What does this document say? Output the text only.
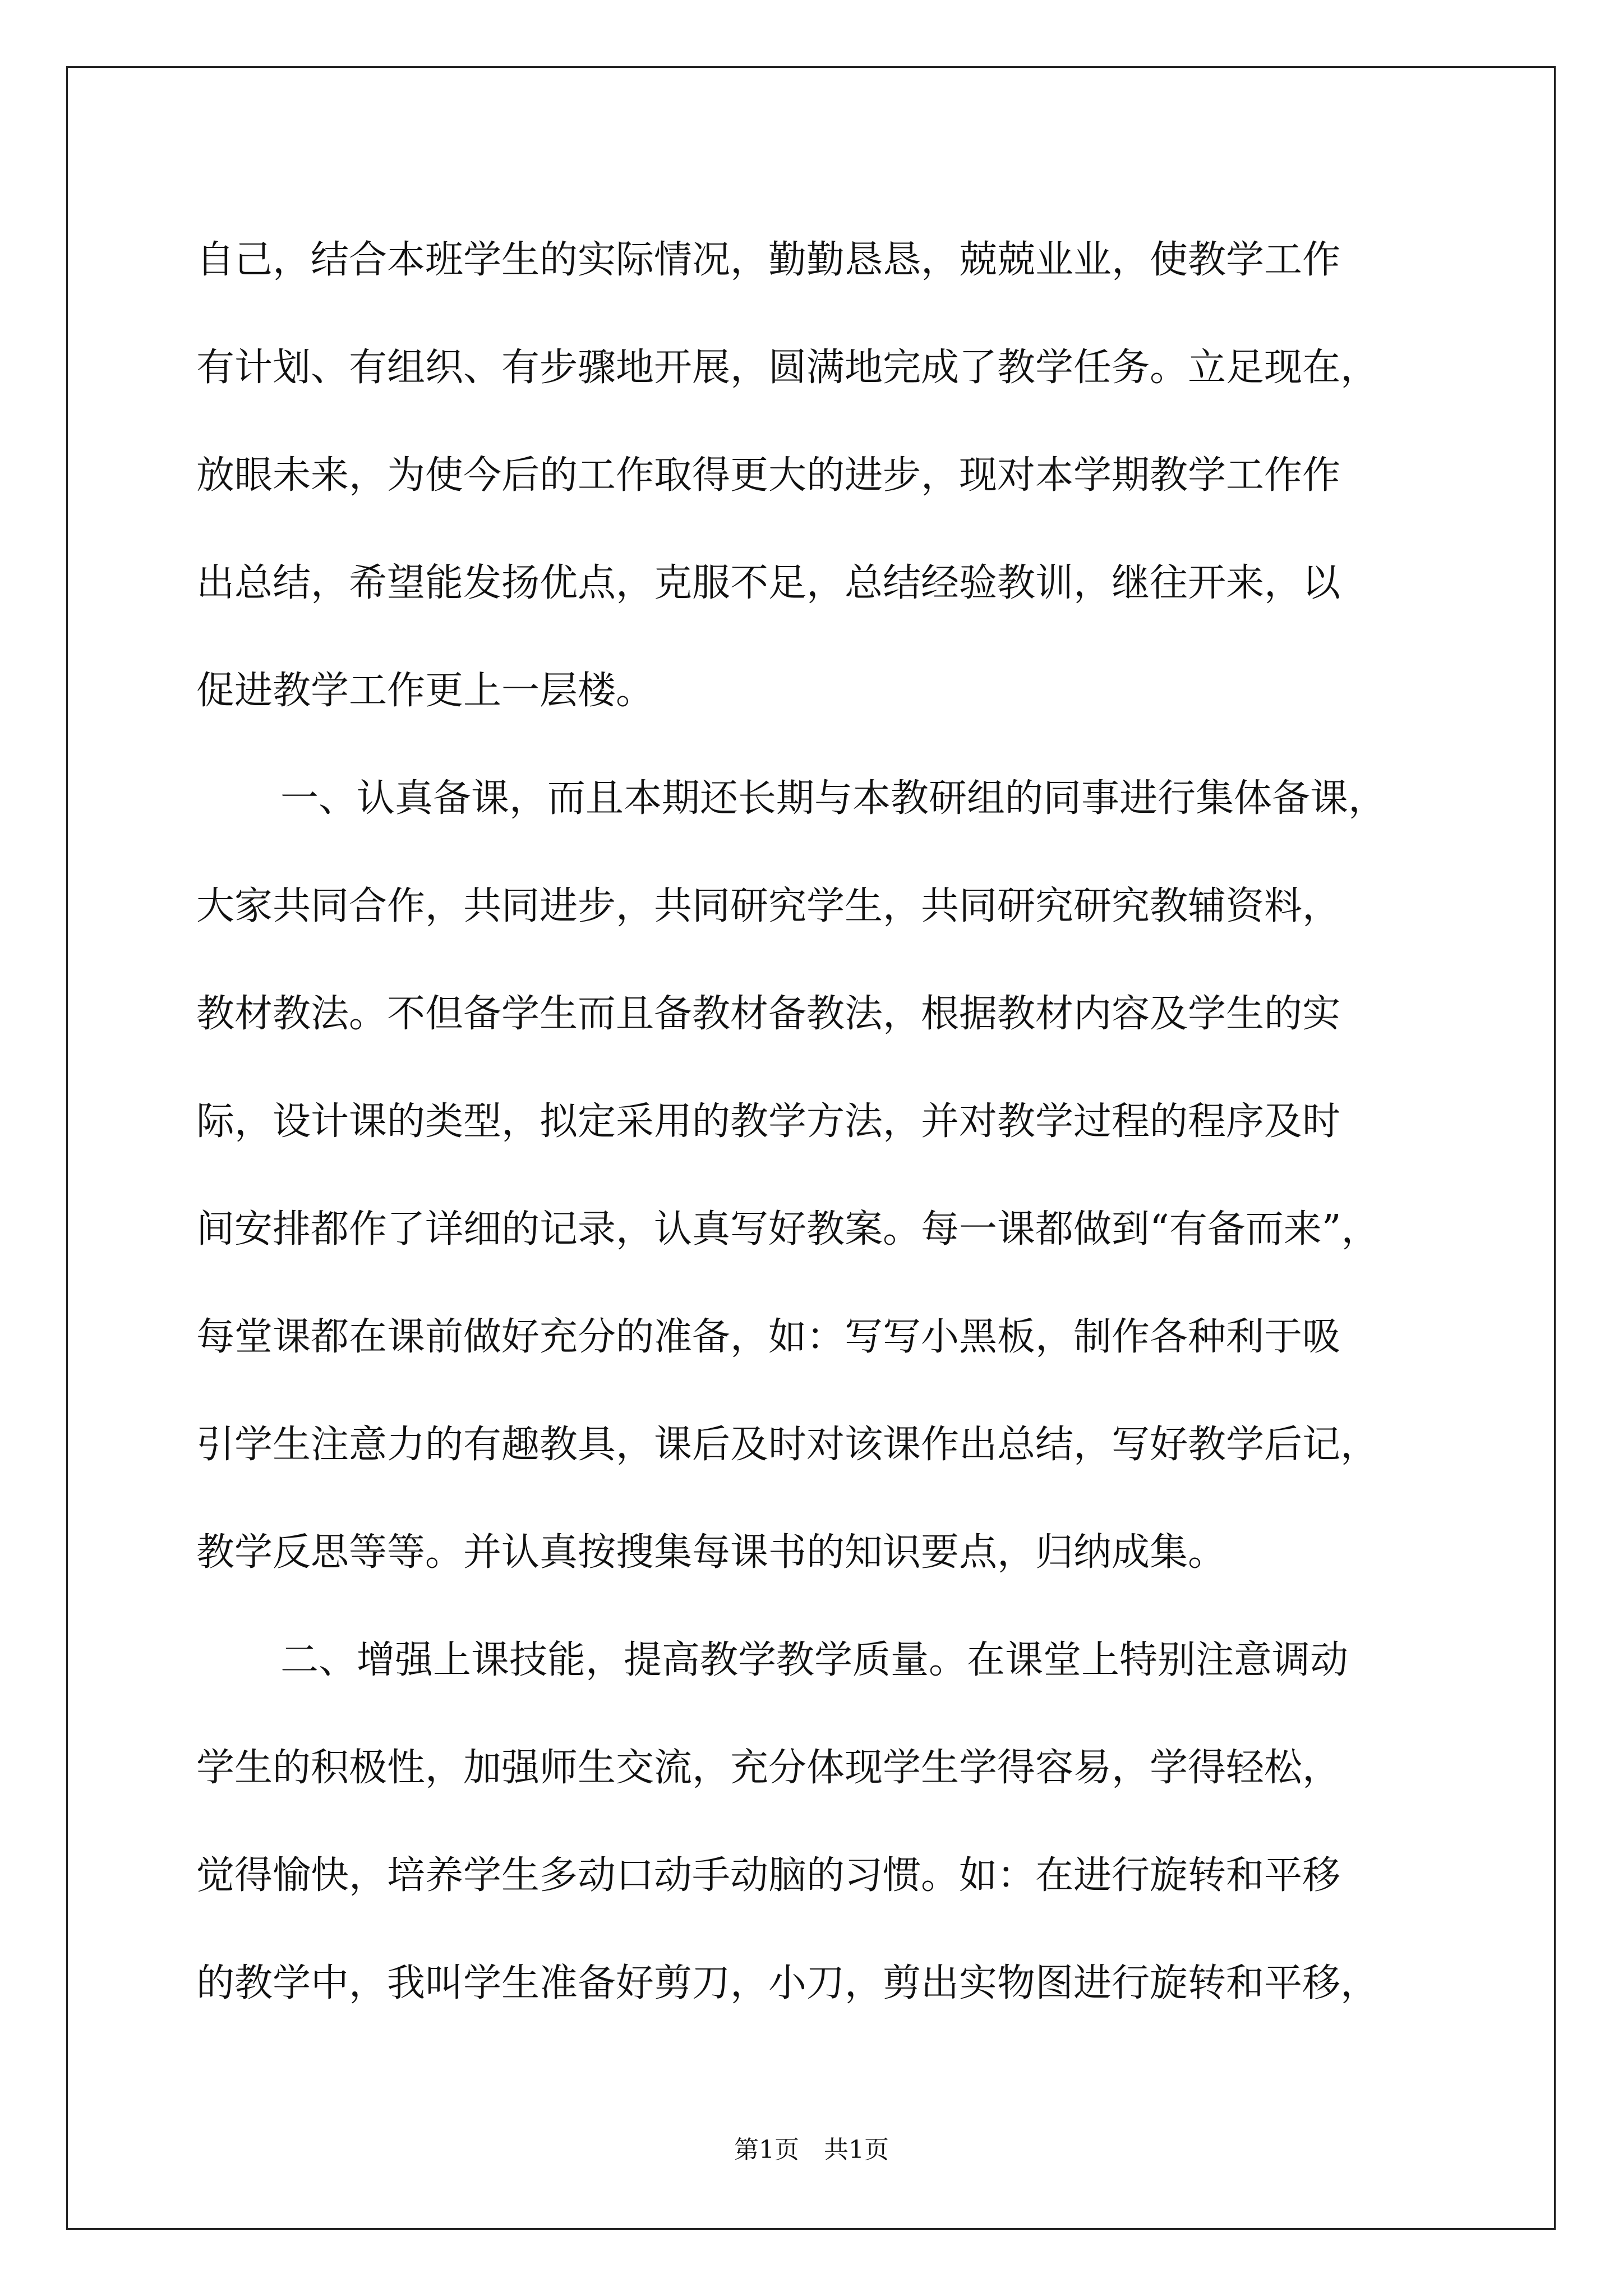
自己，结合本班学生的实际情况，勤勤恳恳，兢兢业业，使教学工作
有计划、有组织、有步骤地开展，圆满地完成了教学任务。立足现在，
放眼未来，为使今后的工作取得更大的进步，现对本学期教学工作作
出总结，希望能发扬优点，克服不足，总结经验教训，继往开来，以
促进教学工作更上一层楼。
一、认真备课，而且本期还长期与本教研组的同事进行集体备课，
大家共同合作，共同进步，共同研究学生，共同研究研究教辅资料，
教材教法。不但备学生而且备教材备教法，根据教材内容及学生的实
际，设计课的类型，拟定采用的教学方法，并对教学过程的程序及时
间安排都作了详细的记录，认真写好教案。每一课都做到“有备而来”，
每堂课都在课前做好充分的准备，如：写写小黑板，制作各种利于吸
引学生注意力的有趣教具，课后及时对该课作出总结，写好教学后记，
教学反思等等。并认真按搜集每课书的知识要点，归纳成集。
二、增强上课技能，提高教学教学质量。在课堂上特别注意调动
学生的积极性，加强师生交流，充分体现学生学得容易，学得轻松，
觉得愉快，培养学生多动口动手动脑的习惯。如：在进行旋转和平移
的教学中，我叫学生准备好剪刀，小刀，剪出实物图进行旋转和平移，
第1页　共1页
